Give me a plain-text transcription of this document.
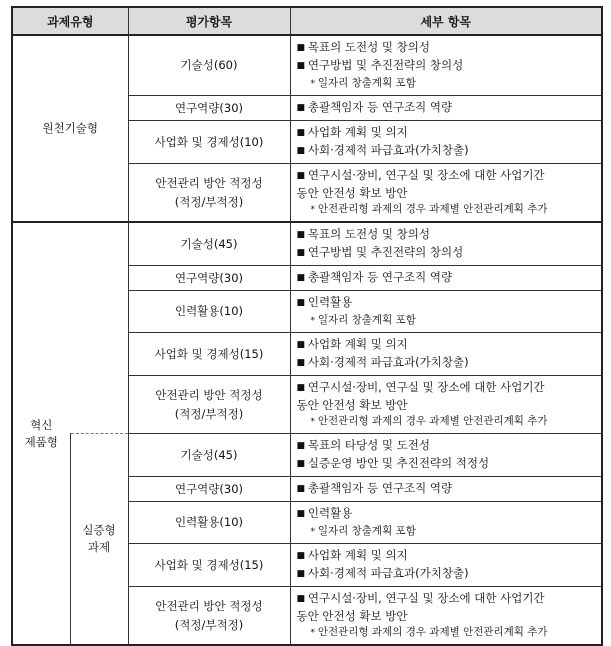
과제유형		평가항목	세부 항목
원천기술형		기술성(60)	■ 목표의 도전성 및 창의성
■ 연구방법 및 추진전략의 창의성
* 일자리 창출계획 포함

		연구역량(30)	■ 총괄책임자 등 연구조직 역량

		사업화 및 경제성(10)	■ 사업화 계획 및 의지
■ 사회·경제적 파급효과(가치창출)

		안전관리 방안 적정성
(적정/부적정)	■ 연구시설·장비, 연구실 및 장소에 대한 사업기간
동안 안전성 확보 방안
* 안전관리형 과제의 경우 과제별 안전관리계획 추가

혁신
제품형		기술성(45)	■ 목표의 도전성 및 창의성
■ 연구방법 및 추진전략의 창의성

		연구역량(30)	■ 총괄책임자 등 연구조직 역량

		인력활용(10)	■ 인력활용
* 일자리 창출계획 포함

		사업화 및 경제성(15)	■ 사업화 계획 및 의지
■ 사회·경제적 파급효과(가치창출)

		안전관리 방안 적정성
(적정/부적정)	■ 연구시설·장비, 연구실 및 장소에 대한 사업기간
동안 안전성 확보 방안
* 안전관리형 과제의 경우 과제별 안전관리계획 추가

	실증형
과제	기술성(45)	■ 목표의 타당성 및 도전성
■ 실증운영 방안 및 추진전략의 적정성

		연구역량(30)	■ 총괄책임자 등 연구조직 역량

		인력활용(10)	■ 인력활용
* 일자리 창출계획 포함

		사업화 및 경제성(15)	■ 사업화 계획 및 의지
■ 사회·경제적 파급효과(가치창출)

		안전관리 방안 적정성
(적정/부적정)	■ 연구시설·장비, 연구실 및 장소에 대한 사업기간
동안 안전성 확보 방안
* 안전관리형 과제의 경우 과제별 안전관리계획 추가
